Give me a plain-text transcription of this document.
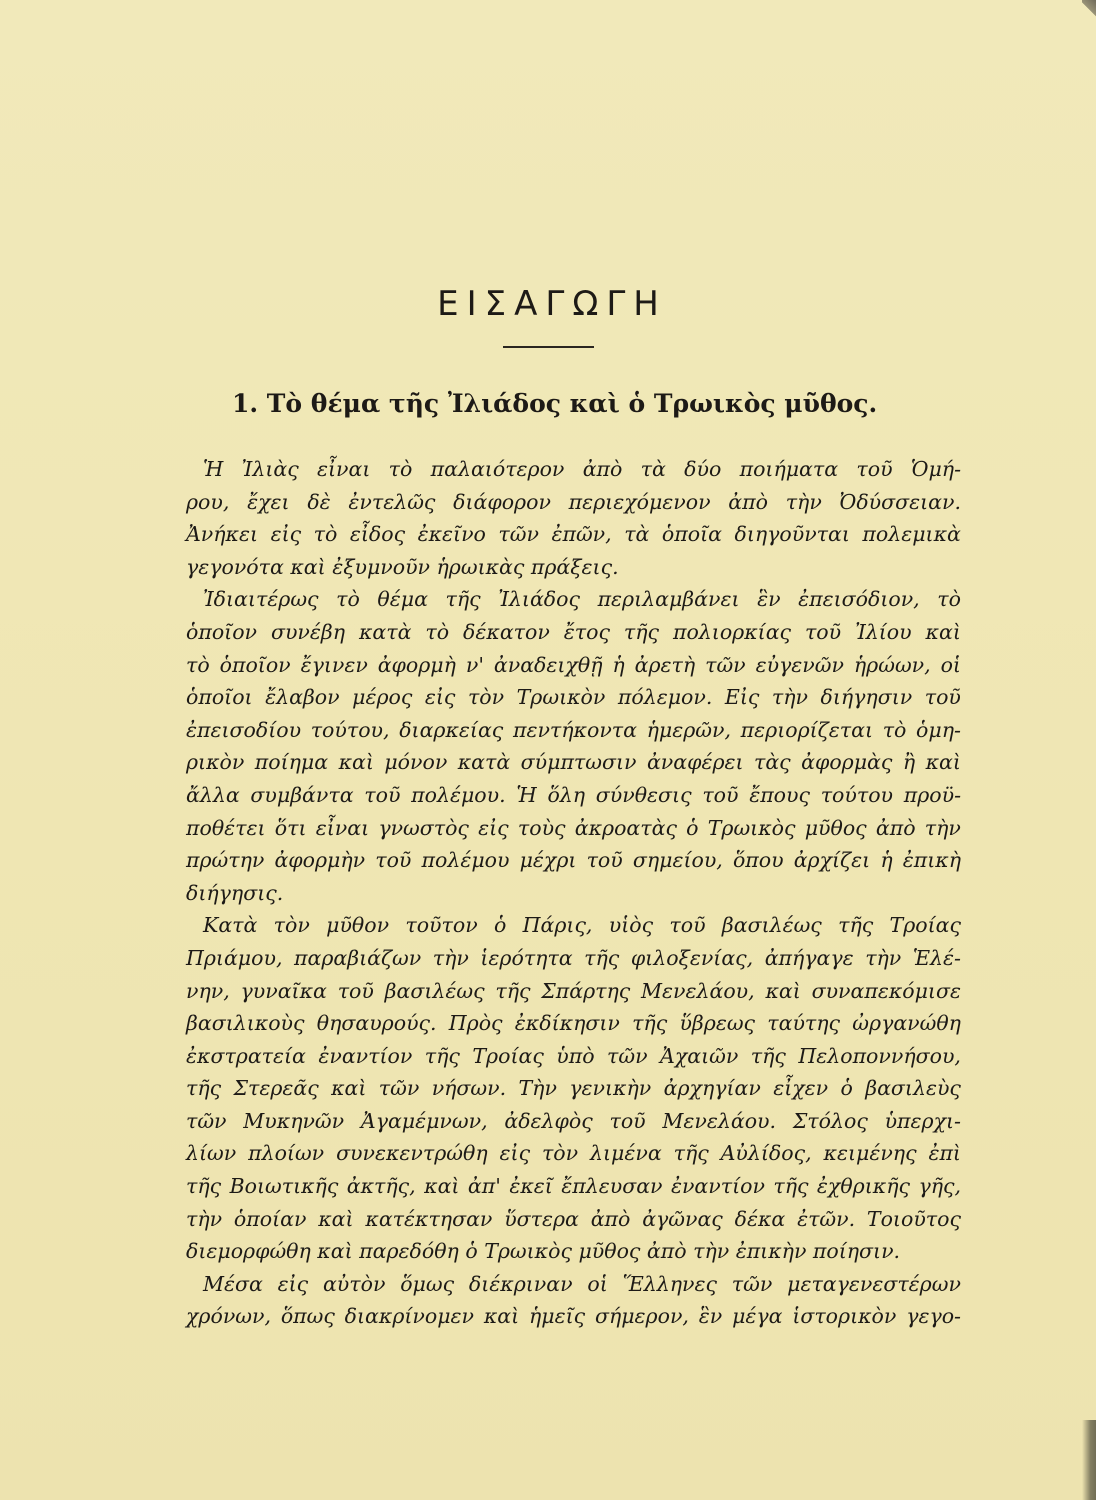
ΕΙΣΑΓΩΓΗ
1. Τὸ θέμα τῆς Ἰλιάδος καὶ ὁ Τρωικὸς μῦθος.
Ἡ Ἰλιὰς εἶναι τὸ παλαιότερον ἀπὸ τὰ δύο ποιήματα τοῦ Ὁμή-
ρου, ἔχει δὲ ἐντελῶς διάφορον περιεχόμενον ἀπὸ τὴν Ὀδύσσειαν.
Ἀνήκει εἰς τὸ εἶδος ἐκεῖνο τῶν ἐπῶν, τὰ ὁποῖα διηγοῦνται πολεμικὰ
γεγονότα καὶ ἐξυμνοῦν ἡρωικὰς πράξεις.
Ἰδιαιτέρως τὸ θέμα τῆς Ἰλιάδος περιλαμβάνει ἓν ἐπεισόδιον, τὸ
ὁποῖον συνέβη κατὰ τὸ δέκατον ἔτος τῆς πολιορκίας τοῦ Ἰλίου καὶ
τὸ ὁποῖον ἔγινεν ἀφορμὴ ν' ἀναδειχθῇ ἡ ἀρετὴ τῶν εὐγενῶν ἡρώων, οἱ
ὁποῖοι ἔλαβον μέρος εἰς τὸν Τρωικὸν πόλεμον. Εἰς τὴν διήγησιν τοῦ
ἐπεισοδίου τούτου, διαρκείας πεντήκοντα ἡμερῶν, περιορίζεται τὸ ὁμη-
ρικὸν ποίημα καὶ μόνον κατὰ σύμπτωσιν ἀναφέρει τὰς ἀφορμὰς ἢ καὶ
ἄλλα συμβάντα τοῦ πολέμου. Ἡ ὅλη σύνθεσις τοῦ ἔπους τούτου προϋ-
ποθέτει ὅτι εἶναι γνωστὸς εἰς τοὺς ἀκροατὰς ὁ Τρωικὸς μῦθος ἀπὸ τὴν
πρώτην ἀφορμὴν τοῦ πολέμου μέχρι τοῦ σημείου, ὅπου ἀρχίζει ἡ ἐπικὴ
διήγησις.
Κατὰ τὸν μῦθον τοῦτον ὁ Πάρις, υἱὸς τοῦ βασιλέως τῆς Τροίας
Πριάμου, παραβιάζων τὴν ἱερότητα τῆς φιλοξενίας, ἀπήγαγε τὴν Ἑλέ-
νην, γυναῖκα τοῦ βασιλέως τῆς Σπάρτης Μενελάου, καὶ συναπεκόμισε
βασιλικοὺς θησαυρούς. Πρὸς ἐκδίκησιν τῆς ὕβρεως ταύτης ὠργανώθη
ἐκστρατεία ἐναντίον τῆς Τροίας ὑπὸ τῶν Ἀχαιῶν τῆς Πελοποννήσου,
τῆς Στερεᾶς καὶ τῶν νήσων. Τὴν γενικὴν ἀρχηγίαν εἶχεν ὁ βασιλεὺς
τῶν Μυκηνῶν Ἀγαμέμνων, ἀδελφὸς τοῦ Μενελάου. Στόλος ὑπερχι-
λίων πλοίων συνεκεντρώθη εἰς τὸν λιμένα τῆς Αὐλίδος, κειμένης ἐπὶ
τῆς Βοιωτικῆς ἀκτῆς, καὶ ἀπ' ἐκεῖ ἔπλευσαν ἐναντίον τῆς ἐχθρικῆς γῆς,
τὴν ὁποίαν καὶ κατέκτησαν ὕστερα ἀπὸ ἀγῶνας δέκα ἐτῶν. Τοιοῦτος
διεμορφώθη καὶ παρεδόθη ὁ Τρωικὸς μῦθος ἀπὸ τὴν ἐπικὴν ποίησιν.
Μέσα εἰς αὐτὸν ὅμως διέκριναν οἱ Ἕλληνες τῶν μεταγενεστέρων
χρόνων, ὅπως διακρίνομεν καὶ ἡμεῖς σήμερον, ἓν μέγα ἱστορικὸν γεγο-
